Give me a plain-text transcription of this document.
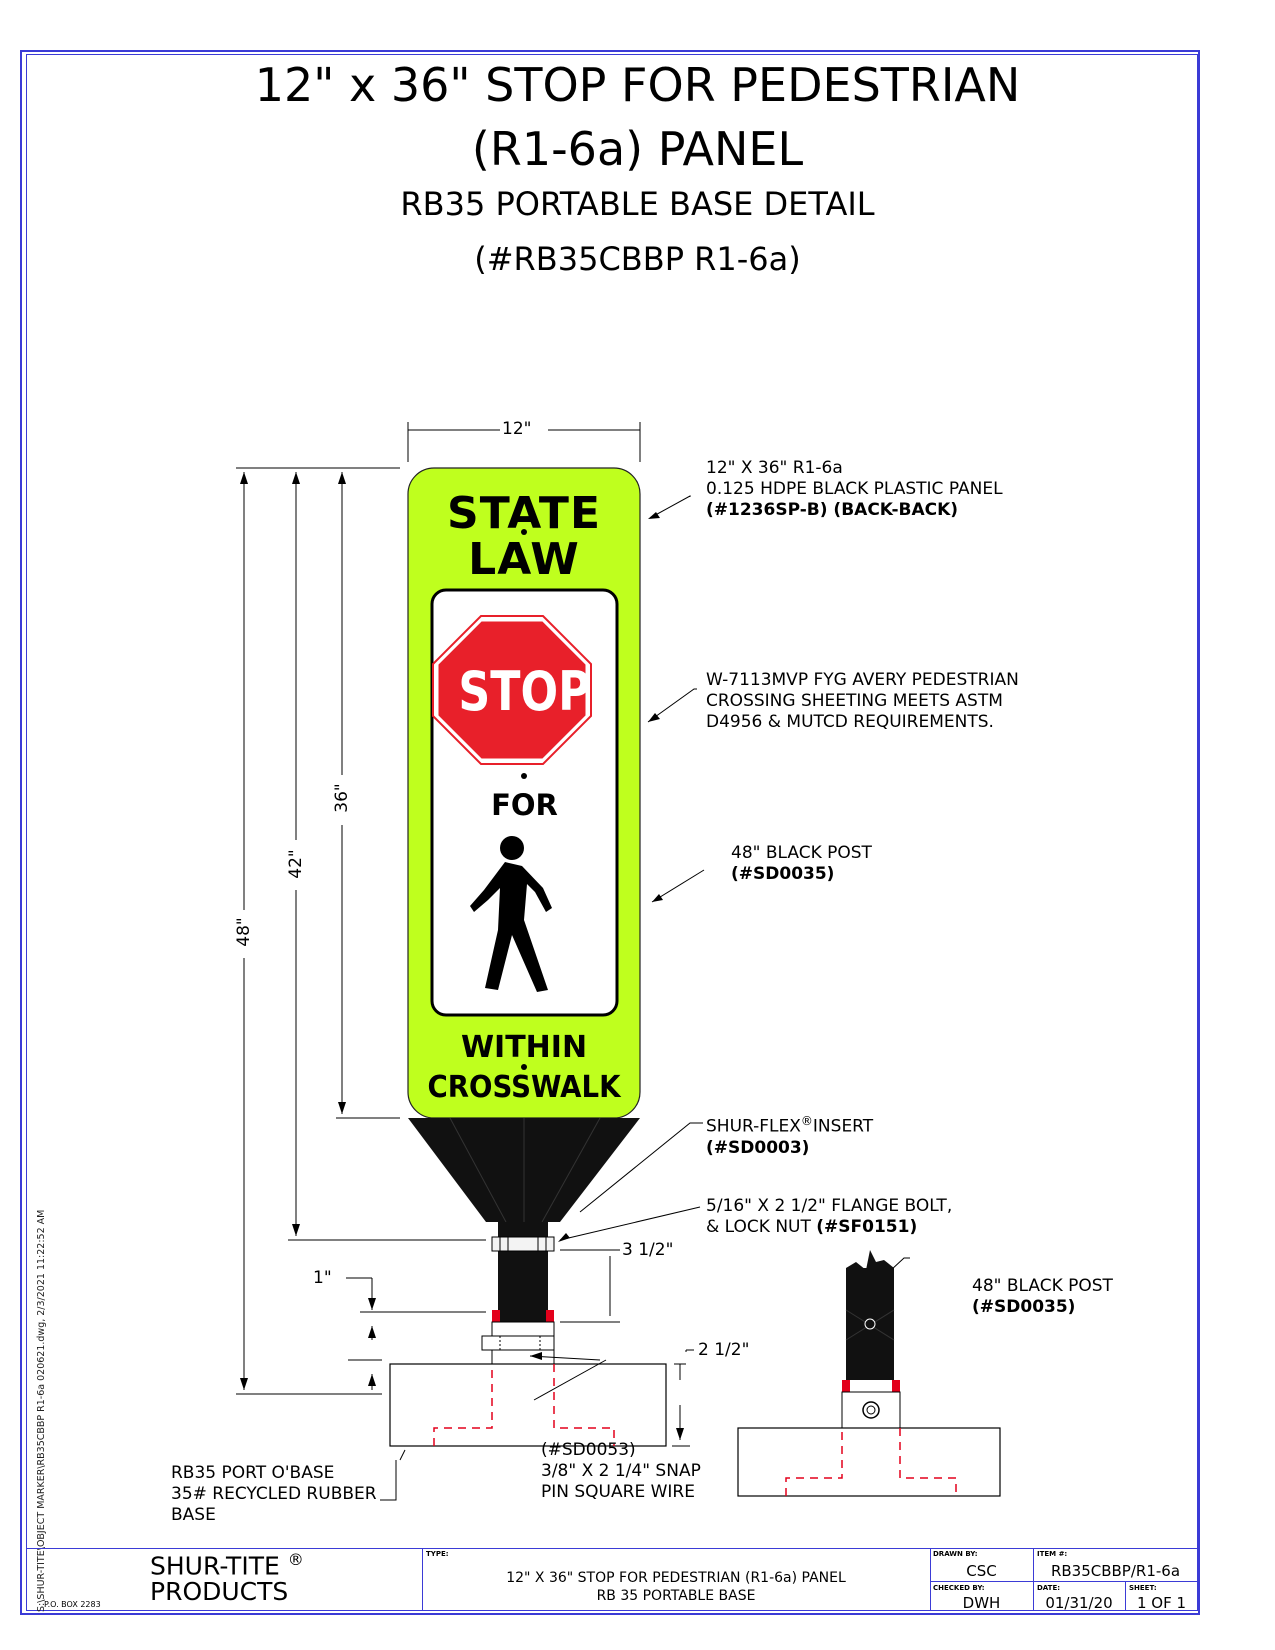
12" x 36" STOP FOR PEDESTRIAN
(R1-6a) PANEL
RB35 PORTABLE BASE DETAIL
(#RB35CBBP R1-6a)
STATE
LAW
STOP
FOR
WITHIN
CROSSWALK
12"
36"
42"
48"
1"
3 1/2"
2 1/2"
12" X 36" R1-6a
0.125 HDPE BLACK PLASTIC PANEL
(#1236SP-B) (BACK-BACK)
W-7113MVP FYG AVERY PEDESTRIAN
CROSSING SHEETING MEETS ASTM
D4956 & MUTCD REQUIREMENTS.
48" BLACK POST
(#SD0035)
SHUR-FLEX®INSERT
(#SD0003)
5/16" X 2 1/2" FLANGE BOLT,
& LOCK NUT (#SF0151)
(#SD0053)
3/8" X 2 1/4" SNAP
PIN SQUARE WIRE
RB35 PORT O'BASE
35# RECYCLED RUBBER
BASE
48" BLACK POST
(#SD0035)
S:\SHUR-TITE\OBJECT MARKER\RB35CBBP R1-6a 020621.dwg, 2/3/2021 11:22:52 AM	SHUR-TITE ®
PRODUCTS
P.O. BOX 2283
TYPE:
12" X 36" STOP FOR PEDESTRIAN (R1-6a) PANEL
RB 35 PORTABLE BASE
DRAWN BY:
CSC
ITEM #:
RB35CBBP/R1-6a
CHECKED BY:
DWH
DATE:
01/31/20
SHEET:
1 OF 1
